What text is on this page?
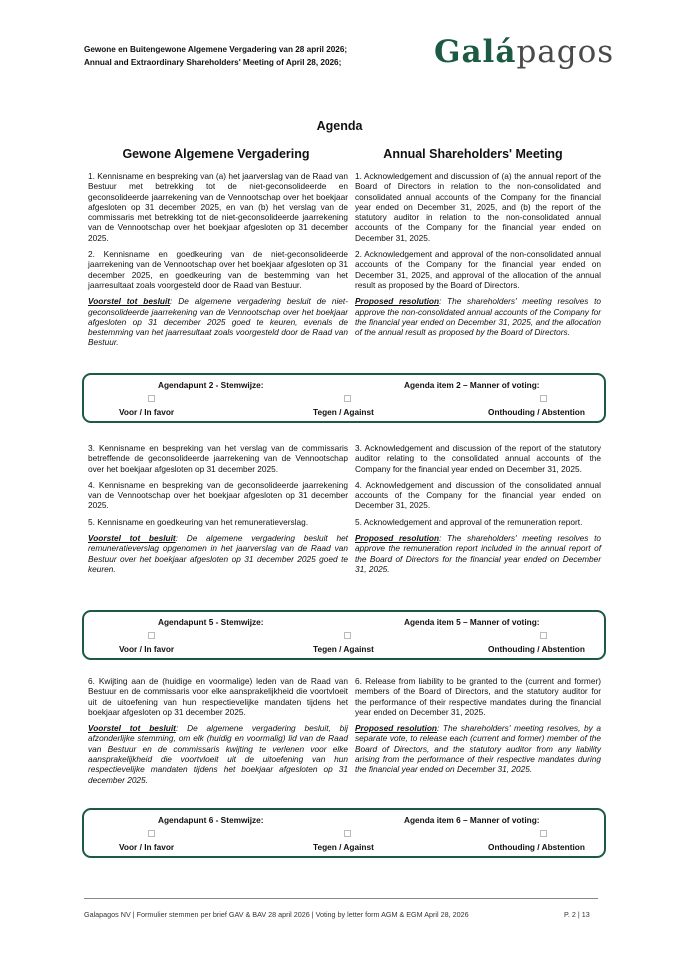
Gewone en Buitengewone Algemene Vergadering van 28 april 2026;
Annual and Extraordinary Shareholders' Meeting of April 28, 2026;	Galápagos
Agenda
Gewone Algemene Vergadering	Annual Shareholders' Meeting

1. Kennisname en bespreking van (a) het jaarverslag van de Raad van Bestuur met betrekking tot de niet-geconsolideerde en geconsolideerde jaarrekening van de Vennootschap over het boekjaar afgesloten op 31 december 2025, en van (b) het verslag van de commissaris met betrekking tot de niet-geconsolideerde jaarrekening van de Vennootschap over het boekjaar afgesloten op 31 december 2025.

2. Kennisname en goedkeuring van de niet-geconsolideerde jaarrekening van de Vennootschap over het boekjaar afgesloten op 31 december 2025, en goedkeuring van de bestemming van het jaarresultaat zoals voorgesteld door de Raad van Bestuur.

Voorstel tot besluit: De algemene vergadering besluit de niet-geconsolideerde jaarrekening van de Vennootschap over het boekjaar afgesloten op 31 december 2025 goed te keuren, evenals de bestemming van het jaarresultaat zoals voorgesteld door de Raad van Bestuur.

1. Acknowledgement and discussion of (a) the annual report of the Board of Directors in relation to the non-consolidated and consolidated annual accounts of the Company for the financial year ended on December 31, 2025, and (b) the report of the statutory auditor in relation to the non-consolidated annual accounts of the Company for the financial year ended on December 31, 2025.

2. Acknowledgement and approval of the non-consolidated annual accounts of the Company for the financial year ended on December 31, 2025, and approval of the allocation of the annual result as proposed by the Board of Directors.

Proposed resolution: The shareholders' meeting resolves to approve the non-consolidated annual accounts of the Company for the financial year ended on December 31, 2025, and the allocation of the annual result as proposed by the Board of Directors.

Agendapunt 2 - Stemwijze:	Agenda item 2 – Manner of voting:
Voor / In favor	Tegen / Against	Onthouding / Abstention

3. Kennisname en bespreking van het verslag van de commissaris betreffende de geconsolideerde jaarrekening van de Vennootschap over het boekjaar afgesloten op 31 december 2025.

4. Kennisname en bespreking van de geconsolideerde jaarrekening van de Vennootschap over het boekjaar afgesloten op 31 december 2025.

5. Kennisname en goedkeuring van het remuneratieverslag.

Voorstel tot besluit: De algemene vergadering besluit het remuneratieverslag opgenomen in het jaarverslag van de Raad van Bestuur over het boekjaar afgesloten op 31 december 2025 goed te keuren.

3. Acknowledgement and discussion of the report of the statutory auditor relating to the consolidated annual accounts of the Company for the financial year ended on December 31, 2025.

4. Acknowledgement and discussion of the consolidated annual accounts of the Company for the financial year ended on December 31, 2025.

5. Acknowledgement and approval of the remuneration report.

Proposed resolution: The shareholders' meeting resolves to approve the remuneration report included in the annual report of the Board of Directors for the financial year ended on December 31, 2025.

Agendapunt 5 - Stemwijze:	Agenda item 5 – Manner of voting:
Voor / In favor	Tegen / Against	Onthouding / Abstention

6. Kwijting aan de (huidige en voormalige) leden van de Raad van Bestuur en de commissaris voor elke aansprakelijkheid die voortvloeit uit de uitoefening van hun respectievelijke mandaten tijdens het boekjaar afgesloten op 31 december 2025.

Voorstel tot besluit: De algemene vergadering besluit, bij afzonderlijke stemming, om elk (huidig en voormalig) lid van de Raad van Bestuur en de commissaris kwijting te verlenen voor elke aansprakelijkheid die voortvloeit uit de uitoefening van hun respectievelijke mandaten tijdens het boekjaar afgesloten op 31 december 2025.

6. Release from liability to be granted to the (current and former) members of the Board of Directors, and the statutory auditor for the performance of their respective mandates during the financial year ended on December 31, 2025.

Proposed resolution: The shareholders' meeting resolves, by a separate vote, to release each (current and former) member of the Board of Directors, and the statutory auditor from any liability arising from the performance of their respective mandates during the financial year ended on December 31, 2025.

Agendapunt 6 - Stemwijze:	Agenda item 6 – Manner of voting:
Voor / In favor	Tegen / Against	Onthouding / Abstention
Galapagos NV | Formulier stemmen per brief GAV & BAV 28 april 2026 | Voting by letter form AGM & EGM April 28, 2026	P. 2 | 13
